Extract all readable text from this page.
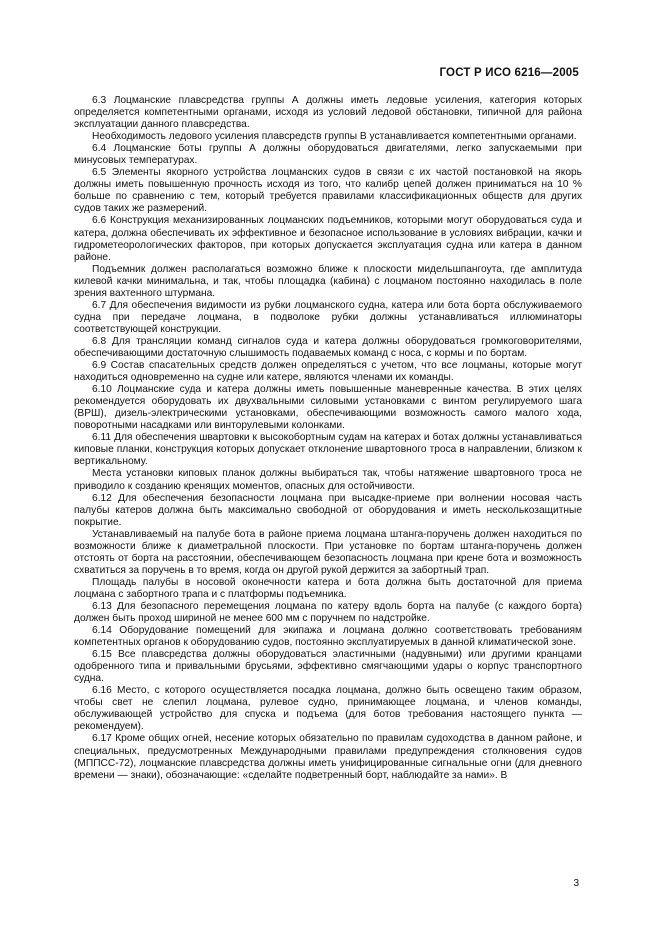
ГОСТ Р ИСО 6216—2005

6.3 Лоцманские плавсредства группы А должны иметь ледовые усиления, категория которых определяется компетентными органами, исходя из условий ледовой обстановки, типичной для района эксплуатации данного плавсредства.

Необходимость ледового усиления плавсредств группы В устанавливается компетентными органами.

6.4 Лоцманские боты группы А должны оборудоваться двигателями, легко запускаемыми при минусовых температурах.

6.5 Элементы якорного устройства лоцманских судов в связи с их частой постановкой на якорь должны иметь повышенную прочность исходя из того, что калибр цепей должен приниматься на 10 % больше по сравнению с тем, который требуется правилами классификационных обществ для других судов таких же размерений.

6.6 Конструкция механизированных лоцманских подъемников, которыми могут оборудоваться суда и катера, должна обеспечивать их эффективное и безопасное использование в условиях вибрации, качки и гидрометеорологических факторов, при которых допускается эксплуатация судна или катера в данном районе.

Подъемник должен располагаться возможно ближе к плоскости мидельшпангоута, где амплитуда килевой качки минимальна, и так, чтобы площадка (кабина) с лоцманом постоянно находилась в поле зрения вахтенного штурмана.

6.7 Для обеспечения видимости из рубки лоцманского судна, катера или бота борта обслуживаемого судна при передаче лоцмана, в подволоке рубки должны устанавливаться иллюминаторы соответствующей конструкции.

6.8 Для трансляции команд сигналов суда и катера должны оборудоваться громкоговорителями, обеспечивающими достаточную слышимость подаваемых команд с носа, с кормы и по бортам.

6.9 Состав спасательных средств должен определяться с учетом, что все лоцманы, которые могут находиться одновременно на судне или катере, являются членами их команды.

6.10 Лоцманские суда и катера должны иметь повышенные маневренные качества. В этих целях рекомендуется оборудовать их двухвальными силовыми установками с винтом регулируемого шага (ВРШ), дизель-электрическими установками, обеспечивающими возможность самого малого хода, поворотными насадками или винторулевыми колонками.

6.11 Для обеспечения швартовки к высокобортным судам на катерах и ботах должны устанавливаться киповые планки, конструкция которых допускает отклонение швартовного троса в направлении, близком к вертикальному.

Места установки киповых планок должны выбираться так, чтобы натяжение швартовного троса не приводило к созданию кренящих моментов, опасных для остойчивости.

6.12 Для обеспечения безопасности лоцмана при высадке-приеме при волнении носовая часть палубы катеров должна быть максимально свободной от оборудования и иметь несколькозащитные покрытие.

Устанавливаемый на палубе бота в районе приема лоцмана штанга-поручень должен находиться по возможности ближе к диаметральной плоскости. При установке по бортам штанга-поручень должен отстоять от борта на расстоянии, обеспечивающем безопасность лоцмана при крене бота и возможность схватиться за поручень в то время, когда он другой рукой держится за забортный трап.

Площадь палубы в носовой оконечности катера и бота должна быть достаточной для приема лоцмана с забортного трапа и с платформы подъемника.

6.13 Для безопасного перемещения лоцмана по катеру вдоль борта на палубе (с каждого борта) должен быть проход шириной не менее 600 мм с поручнем по надстройке.

6.14 Оборудование помещений для экипажа и лоцмана должно соответствовать требованиям компетентных органов к оборудованию судов, постоянно эксплуатируемых в данной климатической зоне.

6.15 Все плавсредства должны оборудоваться эластичными (надувными) или другими кранцами одобренного типа и привальными брусьями, эффективно смягчающими удары о корпус транспортного судна.

6.16 Место, с которого осуществляется посадка лоцмана, должно быть освещено таким образом, чтобы свет не слепил лоцмана, рулевое судно, принимающее лоцмана, и членов команды, обслуживающей устройство для спуска и подъема (для ботов требования настоящего пункта — рекомендуем).

6.17 Кроме общих огней, несение которых обязательно по правилам судоходства в данном районе, и специальных, предусмотренных Международными правилами предупреждения столкновения судов (МППСС-72), лоцманские плавсредства должны иметь унифицированные сигнальные огни (для дневного времени — знаки), обозначающие: «сделайте подветренный борт, наблюдайте за нами». В

3
